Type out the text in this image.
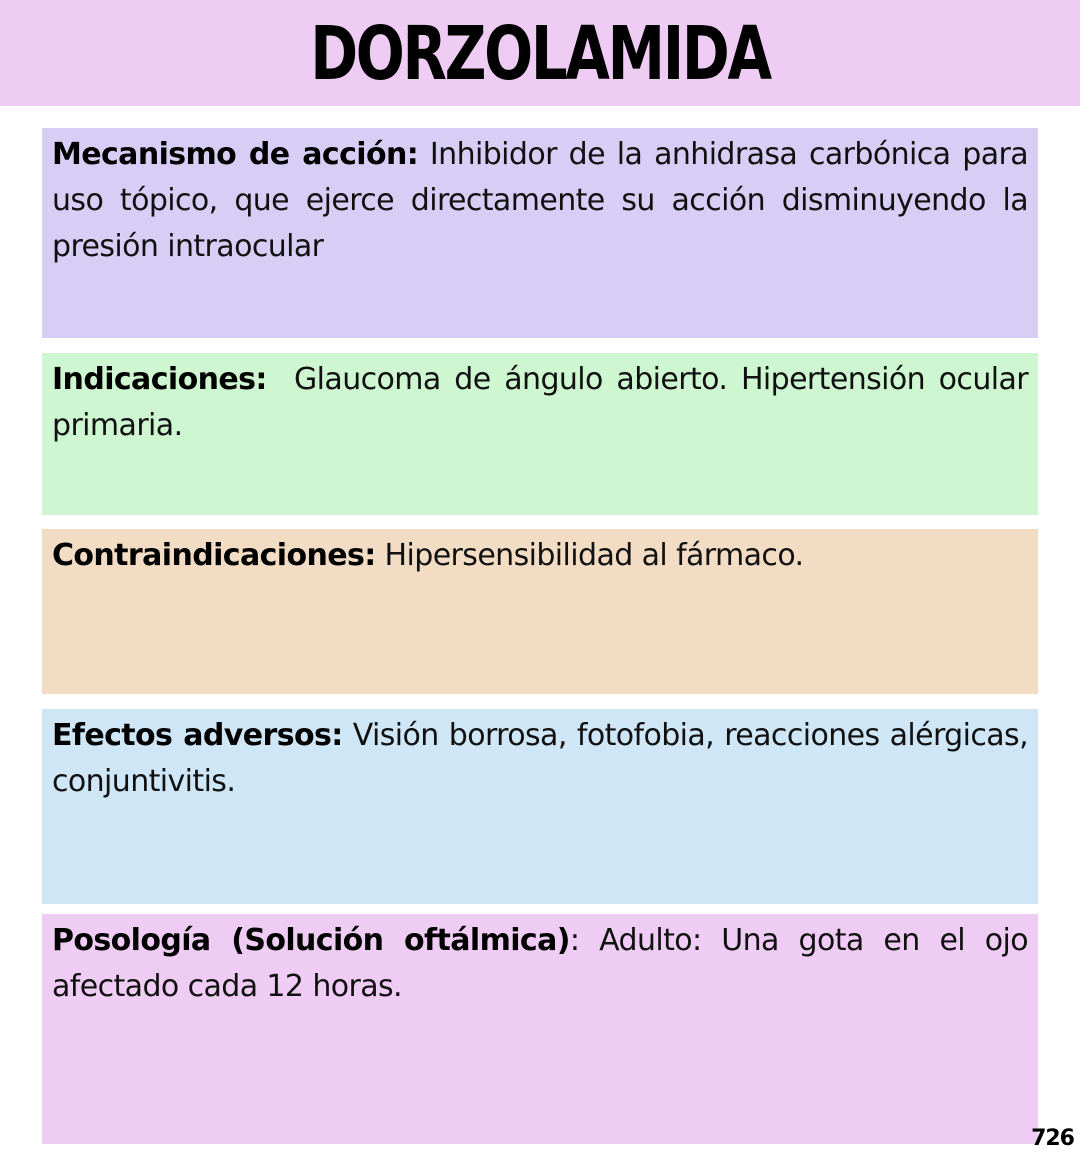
DORZOLAMIDA

Mecanismo de acción: Inhibidor de la anhidrasa carbónica para uso tópico, que ejerce directamente su acción disminuyendo la presión intraocular

Indicaciones:  Glaucoma de ángulo abierto. Hipertensión ocular primaria.

Contraindicaciones: Hipersensibilidad al fármaco.

Efectos adversos: Visión borrosa, fotofobia, reacciones alérgicas, conjuntivitis.

Posología (Solución oftálmica): Adulto: Una gota en el ojo afectado cada 12 horas.

726
